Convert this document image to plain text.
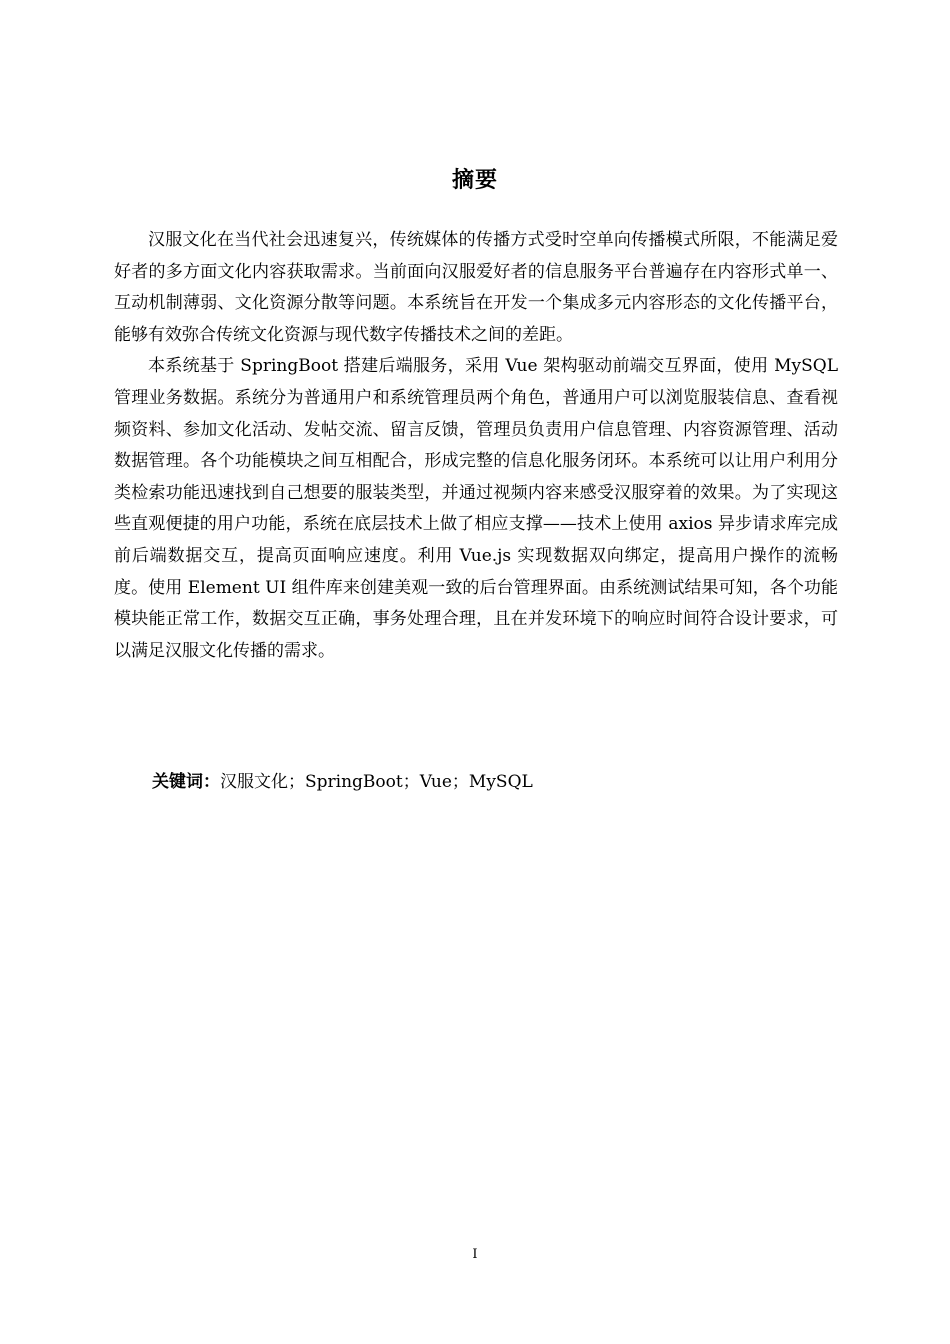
摘要

汉服文化在当代社会迅速复兴，传统媒体的传播方式受时空单向传播模式所限，不能满足爱好者的多方面文化内容获取需求。当前面向汉服爱好者的信息服务平台普遍存在内容形式单一、互动机制薄弱、文化资源分散等问题。本系统旨在开发一个集成多元内容形态的文化传播平台，能够有效弥合传统文化资源与现代数字传播技术之间的差距。

本系统基于 SpringBoot 搭建后端服务，采用 Vue 架构驱动前端交互界面，使用 MySQL 管理业务数据。系统分为普通用户和系统管理员两个角色，普通用户可以浏览服装信息、查看视频资料、参加文化活动、发帖交流、留言反馈，管理员负责用户信息管理、内容资源管理、活动数据管理。各个功能模块之间互相配合，形成完整的信息化服务闭环。本系统可以让用户利用分类检索功能迅速找到自己想要的服装类型，并通过视频内容来感受汉服穿着的效果。为了实现这些直观便捷的用户功能，系统在底层技术上做了相应支撑——技术上使用 axios 异步请求库完成前后端数据交互，提高页面响应速度。利用 Vue.js 实现数据双向绑定，提高用户操作的流畅度。使用 Element UI 组件库来创建美观一致的后台管理界面。由系统测试结果可知，各个功能模块能正常工作，数据交互正确，事务处理合理，且在并发环境下的响应时间符合设计要求，可以满足汉服文化传播的需求。

关键词：汉服文化；SpringBoot；Vue；MySQL
I
